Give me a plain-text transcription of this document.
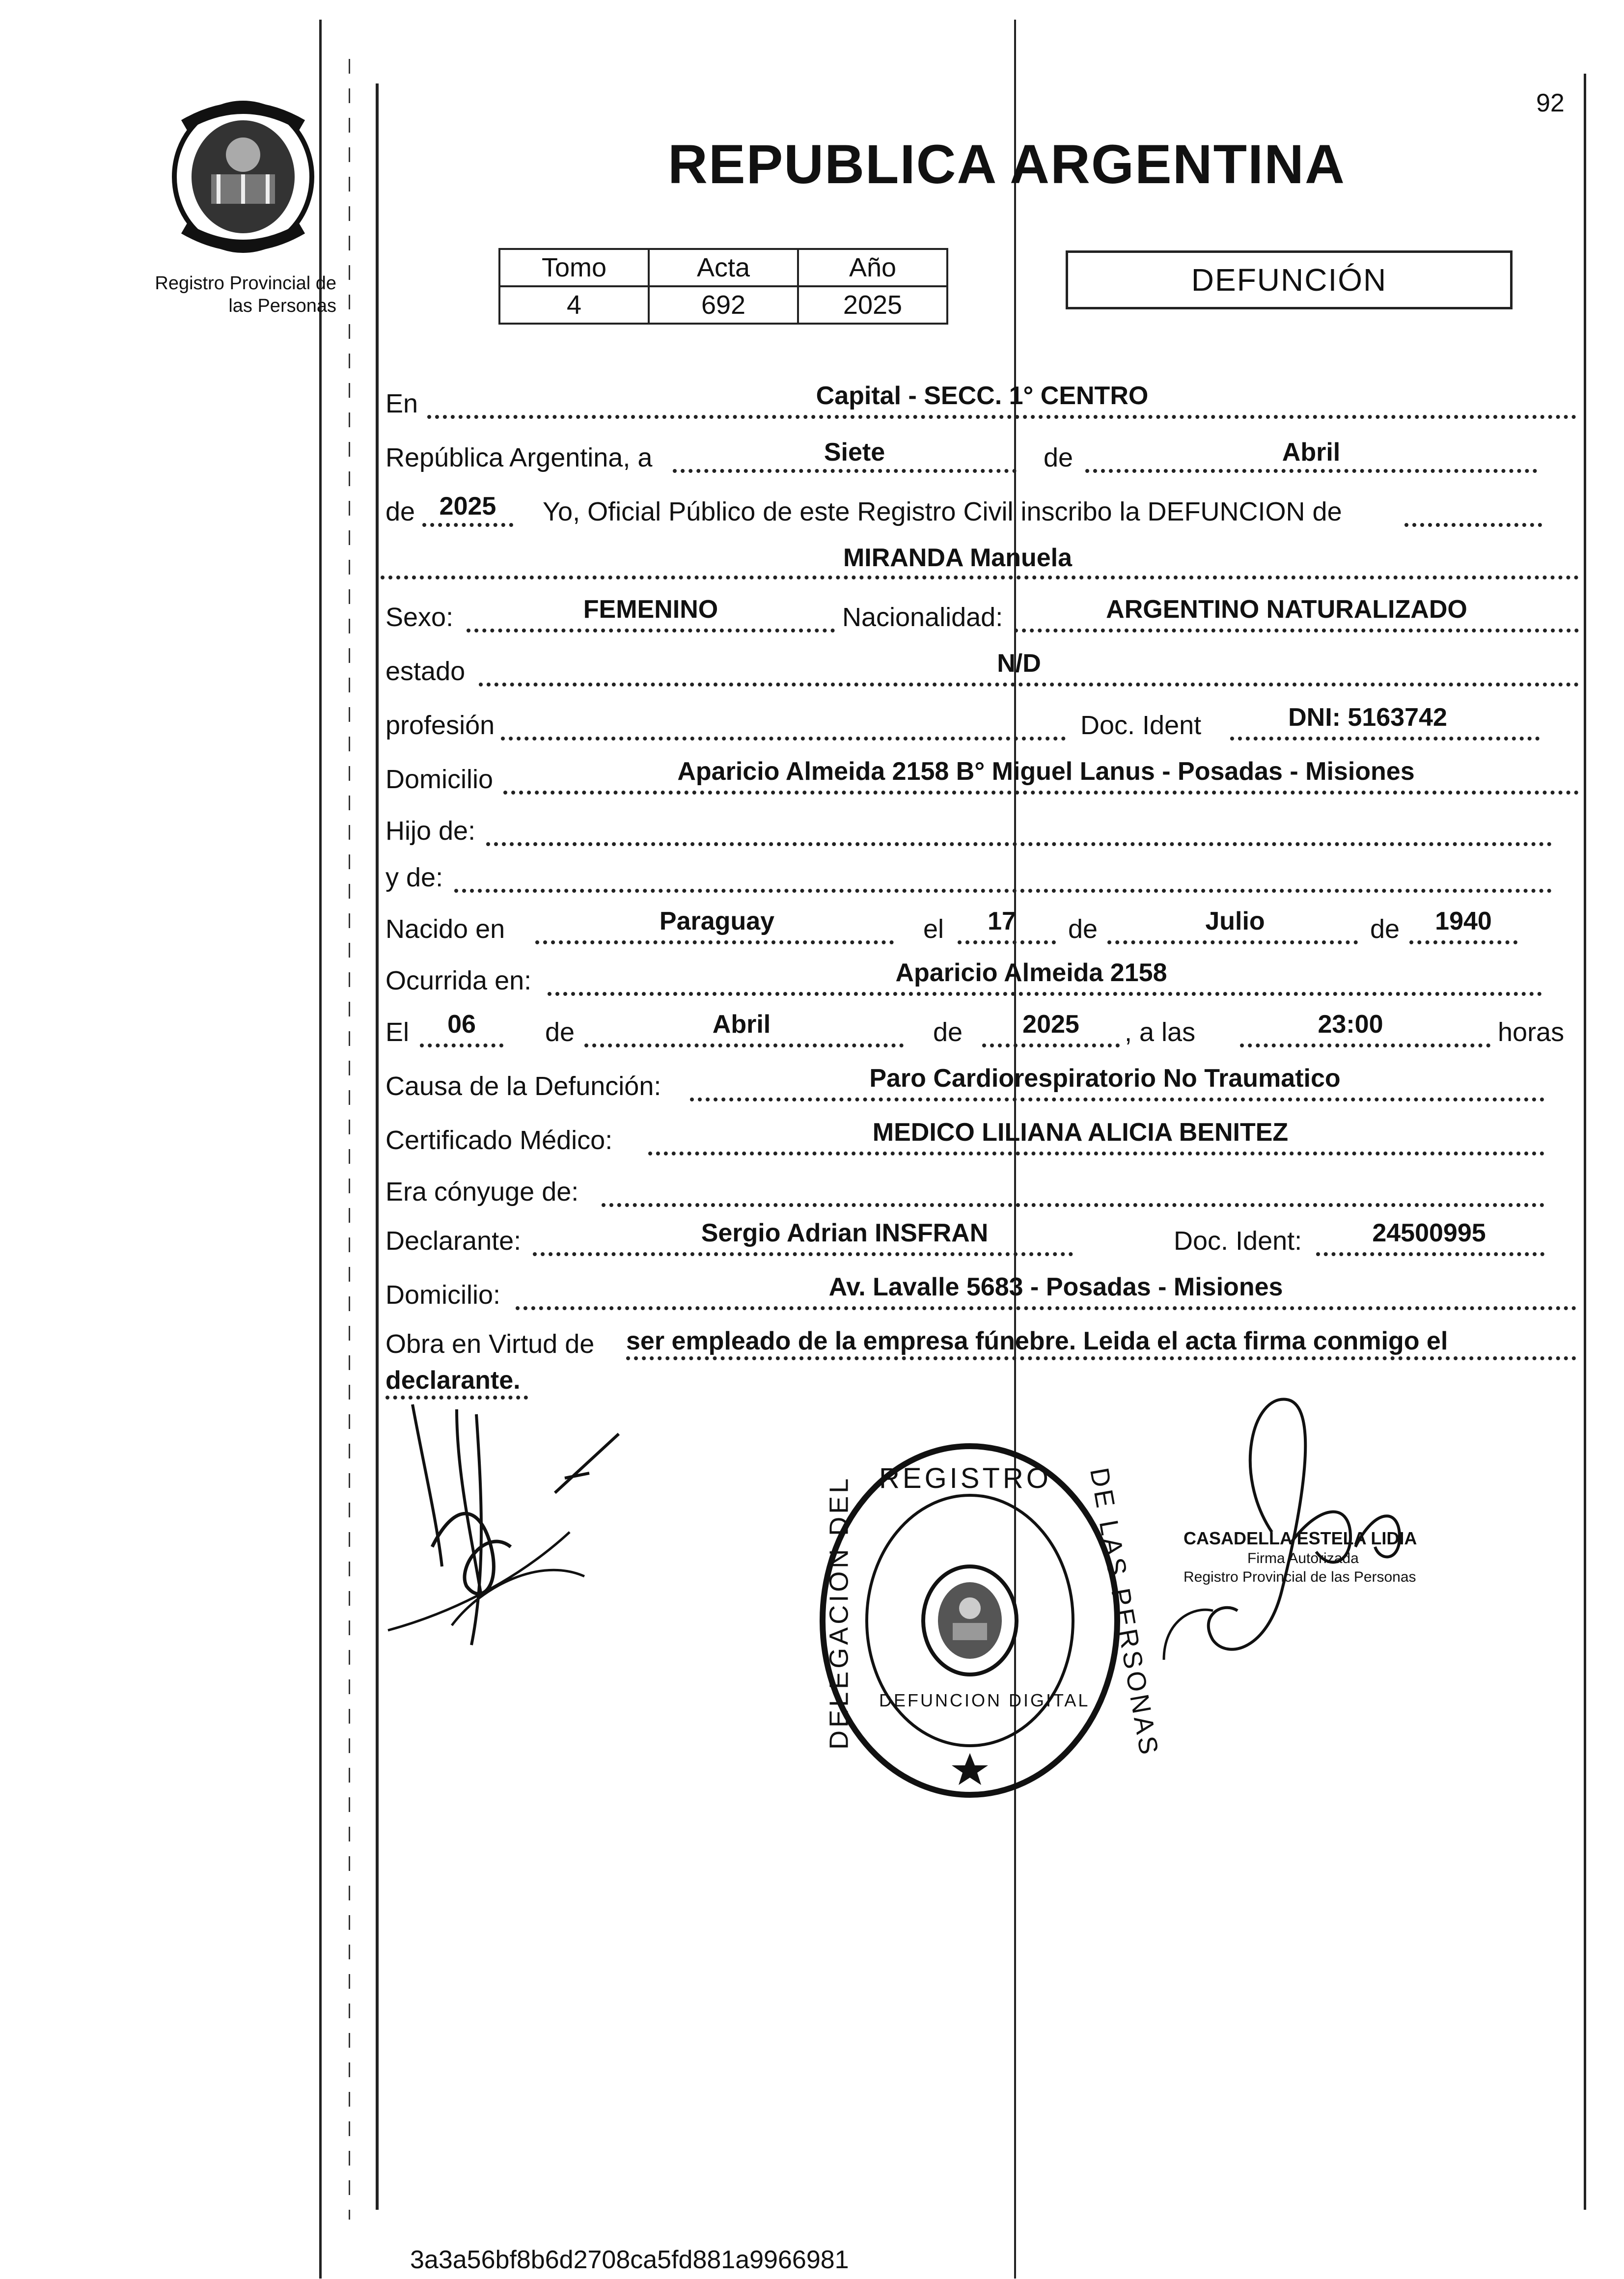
92
Registro Provincial de
las Personas
REPUBLICA ARGENTINA
Tomo	Acta	Año
4	692	2025
DEFUNCIÓN
En	Capital - SECC. 1° CENTRO
República Argentina, a	Siete	de	Abril
de 2025	Yo, Oficial Público de este Registro Civil inscribo la DEFUNCION de
MIRANDA Manuela
Sexo:	FEMENINO	Nacionalidad:	ARGENTINO NATURALIZADO
estado	N/D
profesión	Doc. Ident	DNI: 5163742
Domicilio	Aparicio Almeida 2158 B° Miguel Lanus - Posadas - Misiones
Hijo de:
y de:
Nacido en	Paraguay	el	17	de	Julio	de	1940
Ocurrida en:	Aparicio Almeida 2158
El	06	de	Abril	de	2025	, a las	23:00	horas
Causa de la Defunción:	Paro Cardiorespiratorio No Traumatico
Certificado Médico:	MEDICO LILIANA ALICIA BENITEZ
Era cónyuge de:
Declarante:	Sergio Adrian INSFRAN	Doc. Ident:	24500995
Domicilio:	Av. Lavalle 5683 - Posadas - Misiones
Obra en Virtud de ser empleado de la empresa fúnebre. Leida el acta firma conmigo el
declarante.
REGISTRO
DELEGACION DEL	DE LAS PERSONAS
DEFUNCION DIGITAL
CASADELLA ESTELA LIDIA
Firma Autorizada
Registro Provincial de las Personas
3a3a56bf8b6d2708ca5fd881a9966981
